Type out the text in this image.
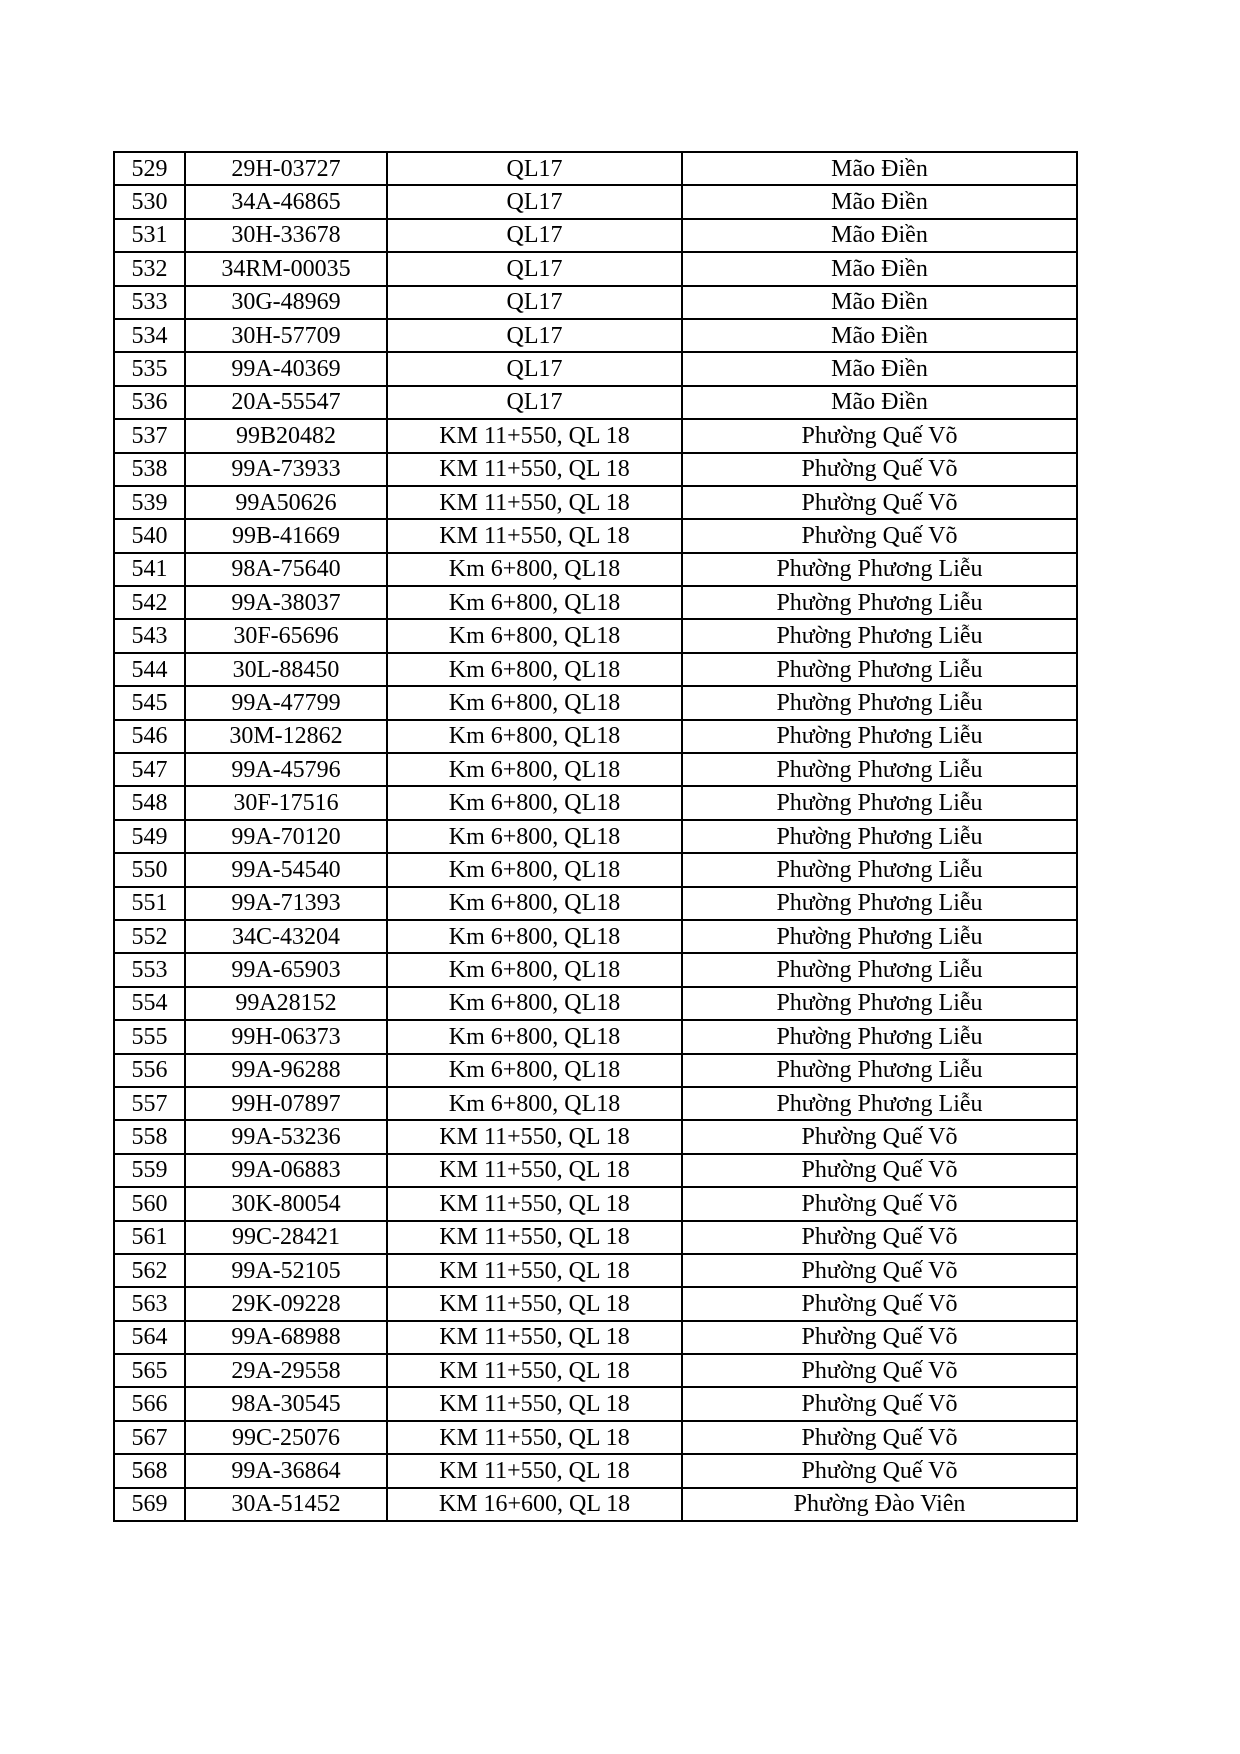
529	29H-03727	QL17	Mão Điền
530	34A-46865	QL17	Mão Điền
531	30H-33678	QL17	Mão Điền
532	34RM-00035	QL17	Mão Điền
533	30G-48969	QL17	Mão Điền
534	30H-57709	QL17	Mão Điền
535	99A-40369	QL17	Mão Điền
536	20A-55547	QL17	Mão Điền
537	99B20482	KM 11+550, QL 18	Phường Quế Võ
538	99A-73933	KM 11+550, QL 18	Phường Quế Võ
539	99A50626	KM 11+550, QL 18	Phường Quế Võ
540	99B-41669	KM 11+550, QL 18	Phường Quế Võ
541	98A-75640	Km 6+800, QL18	Phường Phương Liễu
542	99A-38037	Km 6+800, QL18	Phường Phương Liễu
543	30F-65696	Km 6+800, QL18	Phường Phương Liễu
544	30L-88450	Km 6+800, QL18	Phường Phương Liễu
545	99A-47799	Km 6+800, QL18	Phường Phương Liễu
546	30M-12862	Km 6+800, QL18	Phường Phương Liễu
547	99A-45796	Km 6+800, QL18	Phường Phương Liễu
548	30F-17516	Km 6+800, QL18	Phường Phương Liễu
549	99A-70120	Km 6+800, QL18	Phường Phương Liễu
550	99A-54540	Km 6+800, QL18	Phường Phương Liễu
551	99A-71393	Km 6+800, QL18	Phường Phương Liễu
552	34C-43204	Km 6+800, QL18	Phường Phương Liễu
553	99A-65903	Km 6+800, QL18	Phường Phương Liễu
554	99A28152	Km 6+800, QL18	Phường Phương Liễu
555	99H-06373	Km 6+800, QL18	Phường Phương Liễu
556	99A-96288	Km 6+800, QL18	Phường Phương Liễu
557	99H-07897	Km 6+800, QL18	Phường Phương Liễu
558	99A-53236	KM 11+550, QL 18	Phường Quế Võ
559	99A-06883	KM 11+550, QL 18	Phường Quế Võ
560	30K-80054	KM 11+550, QL 18	Phường Quế Võ
561	99C-28421	KM 11+550, QL 18	Phường Quế Võ
562	99A-52105	KM 11+550, QL 18	Phường Quế Võ
563	29K-09228	KM 11+550, QL 18	Phường Quế Võ
564	99A-68988	KM 11+550, QL 18	Phường Quế Võ
565	29A-29558	KM 11+550, QL 18	Phường Quế Võ
566	98A-30545	KM 11+550, QL 18	Phường Quế Võ
567	99C-25076	KM 11+550, QL 18	Phường Quế Võ
568	99A-36864	KM 11+550, QL 18	Phường Quế Võ
569	30A-51452	KM 16+600, QL 18	Phường Đào Viên
